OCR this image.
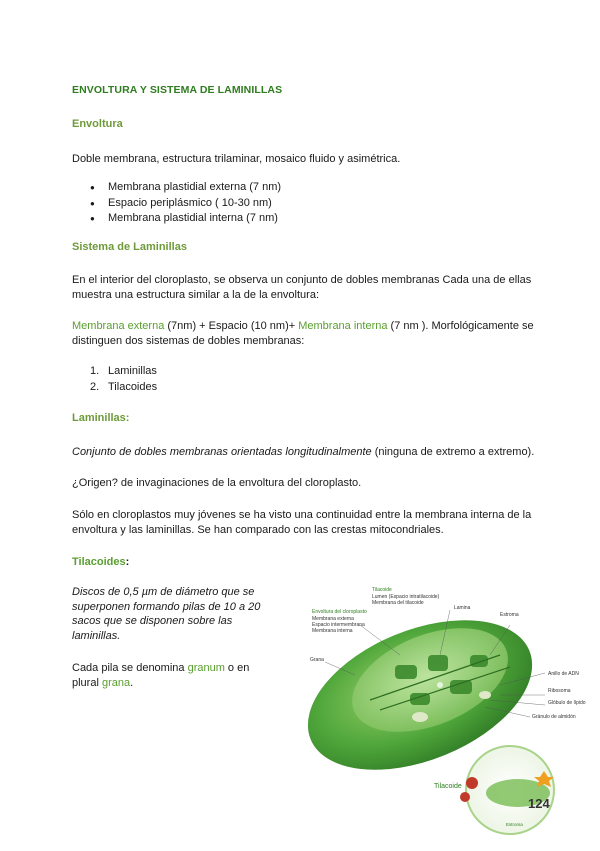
ENVOLTURA Y SISTEMA DE LAMINILLAS
Envoltura
Doble membrana, estructura trilaminar, mosaico fluido y asimétrica.
● Membrana plastidial externa (7 nm)
● Espacio periplásmico ( 10-30 nm)
● Membrana plastidial interna (7 nm)
Sistema de Laminillas
En el interior del cloroplasto, se observa un conjunto de dobles membranas Cada una de ellas muestra una estructura similar a la de la envoltura:
Membrana externa (7nm) + Espacio (10 nm)+ Membrana interna (7 nm ). Morfológicamente se distinguen dos sistemas de dobles membranas:
1. Laminillas
2. Tilacoides
Laminillas:
Conjunto de dobles membranas orientadas longitudinalmente (ninguna de extremo a extremo).
¿Origen? de invaginaciones de la envoltura del cloroplasto.
Sólo en cloroplastos muy jóvenes se ha visto una continuidad entre la membrana interna de la envoltura y las laminillas. Se han comparado con las crestas mitocondriales.
Tilacoides:
Discos de 0,5 µm de diámetro que se superponen formando pilas de 10 a 20 sacos que se disponen sobre las laminillas.
Cada pila se denomina granum o en plural grana.
Tilacoide
Lumen (Espacio intratilacoide)
Membrana del tilacoide
Envoltura del cloroplasto
Membrana externa
Espacio intermembrana
Membrana interna
Lamina
Estroma
Grana
Anillo de ADN
Ribosoma
Glóbulo de lípido
Gránulo de almidón
Tilacoide
Estroma
124
